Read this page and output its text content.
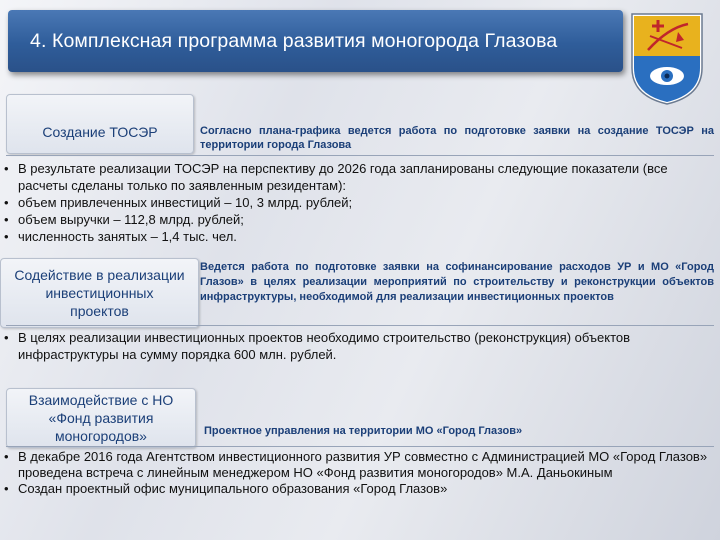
4. Комплексная программа развития моногорода Глазова
Создание ТОСЭР	Согласно плана-графика ведется работа по подготовке заявки на создание ТОСЭР на территории города Глазова
• В результате реализации ТОСЭР на перспективу до 2026 года запланированы следующие показатели (все расчеты сделаны только по заявленным резидентам):
• объем привлеченных инвестиций – 10, 3 млрд. рублей;
• объем выручки – 112,8 млрд. рублей;
• численность занятых – 1,4 тыс. чел.
Содействие в реализации
инвестиционных
проектов
Ведется работа по подготовке заявки на софинансирование расходов УР и МО «Город Глазов» в целях реализации мероприятий по строительству и реконструкции объектов инфраструктуры, необходимой для реализации инвестиционных проектов
• В целях реализации инвестиционных проектов необходимо строительство (реконструкция) объектов инфраструктуры на сумму порядка 600 млн. рублей.
Взаимодействие с НО
«Фонд развития
моногородов»	Проектное управления на территории МО «Город Глазов»
• В декабре 2016 года Агентством инвестиционного развития УР совместно с Администрацией МО «Город Глазов» проведена встреча с линейным менеджером НО «Фонд развития моногородов» М.А. Даньокиным
• Создан проектный офис муниципального образования «Город Глазов»
